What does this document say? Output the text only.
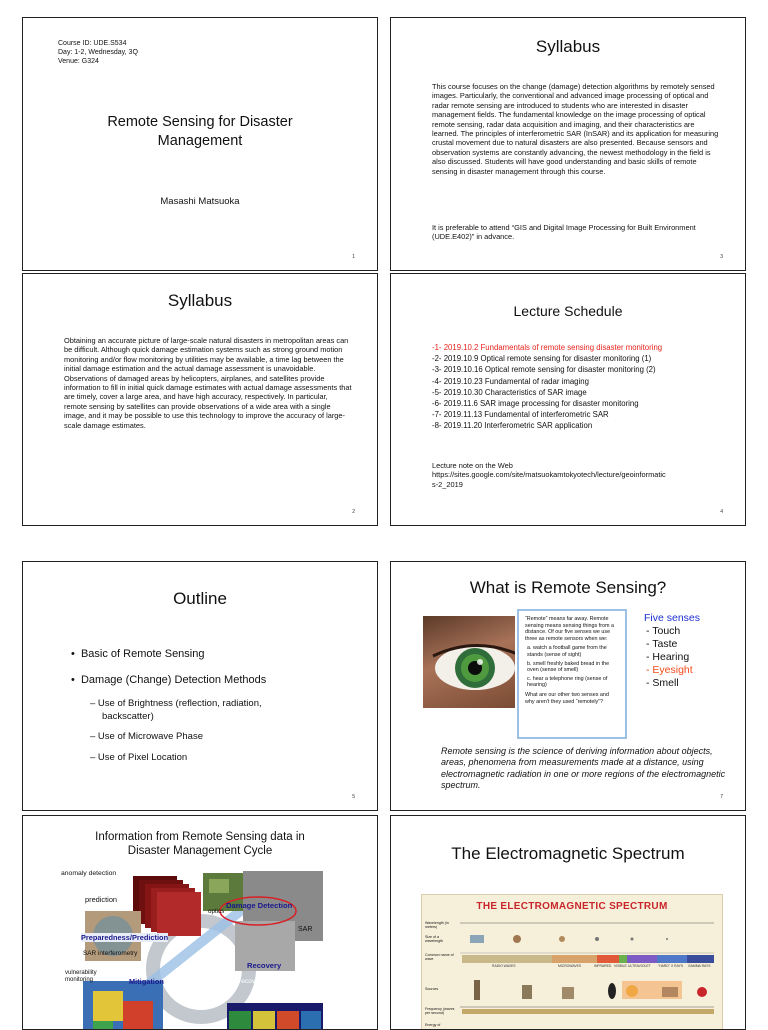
Course ID: UDE.S534
Day: 1-2, Wednesday, 3Q
Venue: G324
Remote Sensing for Disaster
Management
Masashi Matsuoka
1
Syllabus
This course focuses on the change (damage) detection algorithms by remotely sensed images. Particularly, the conventional and advanced image processing of optical and radar remote sensing are introduced to students who are interested in disaster management fields. The fundamental knowledge on the image processing of optical remote sensing, radar data acquisition and imaging, and their characteristics are learned. The principles of interferometric SAR (InSAR) and its application for measuring crustal movement due to natural disasters are also presented. Because sensors and observation systems are constantly advancing, the newest methodology in the field is also discussed. Students will have good understanding and basic skills of remote sensing in disaster management through this course.
It is preferable to attend “GIS and Digital Image Processing for Built Environment (UDE.E402)” in advance.
3
Syllabus
Obtaining an accurate picture of large-scale natural disasters in metropolitan areas can be difficult. Although quick damage estimation systems such as strong ground motion monitoring and/or flow monitoring by utilities may be available, a time lag between the initial damage estimation and the actual damage assessment is unavoidable. Observations of damaged areas by helicopters, airplanes, and satellites provide information to fill in initial quick damage estimates with actual damage assessments that are timely, cover a large area, and have high accuracy, respectively. In particular, remote sensing by satellites can provide observations of a wide area with a single image, and it may be possible to use this technology to improve the accuracy of large-scale damage estimates.
2
Lecture Schedule
-1- 2019.10.2 Fundamentals of remote sensing disaster monitoring
-2- 2019.10.9 Optical remote sensing for disaster monitoring (1)
-3- 2019.10.16 Optical remote sensing for disaster monitoring (2)
-4- 2019.10.23 Fundamental of radar imaging
-5- 2019.10.30 Characteristics of SAR image
-6- 2019.11.6 SAR image processing for disaster monitoring
-7- 2019.11.13 Fundamental of interferometric SAR
-8- 2019.11.20 Interferometric SAR application
Lecture note on the Web
https://sites.google.com/site/matsuokamtokyotech/lecture/geoinformatic
s-2_2019
4
Outline
•  Basic of Remote Sensing
•  Damage (Change) Detection Methods
– Use of Brightness (reflection, radiation,
backscatter)
– Use of Microwave Phase
– Use of Pixel Location
5
What is Remote Sensing?
“Remote” means far away. Remote sensing means sensing things from a distance. Of our five senses we use three as remote sensors when we:
a. watch a football game from the stands (sense of sight)
b. smell freshly baked bread in the oven (sense of smell)
c. hear a telephone ring (sense of hearing)
What are our other two senses and why aren't they used “remotely”?
Five senses
- Touch
- Taste
- Hearing
- Eyesight
- Smell
Remote sensing is the science of deriving information about objects, areas, phenomena from measurements made at a distance, using electromagnetic radiation in one or more regions of the electromagnetic spectrum.
7
Information from Remote Sensing data in
Disaster Management Cycle
anomaly detection
prediction
Preparedness/Prediction
SAR interferometry
vulnerability monitoring	Mitigation
Damage Detection
optics
SAR
Recovery
recovery monitoring
The Electromagnetic Spectrum
THE ELECTROMAGNETIC SPECTRUM
Wavelength (in meters)
Size of a wavelength
Common name of wave
Sources
Frequency (waves per second)
Energy of
RADIO WAVES	MICROWAVES	INFRARED VISIBLE ULTRAVIOLET "HARD" X RAYS GAMMA RAYS
